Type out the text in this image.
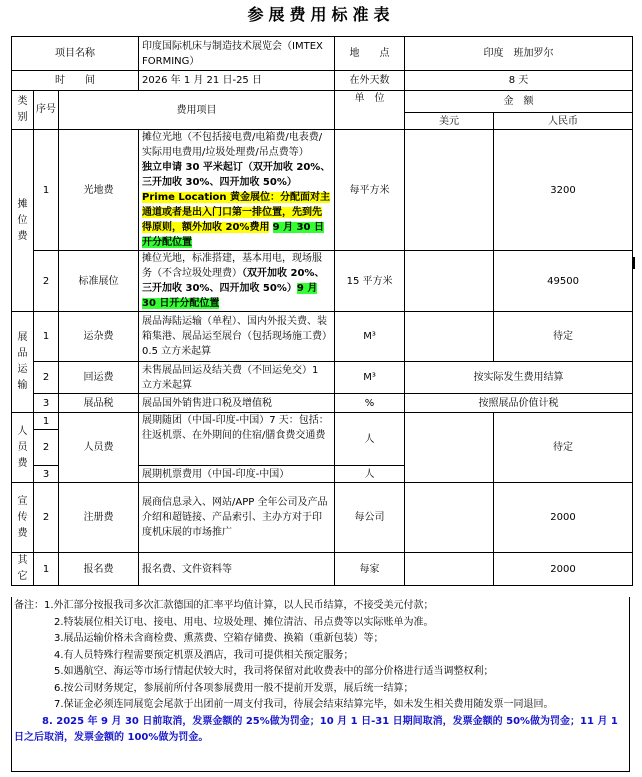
参展费用标准表
项目名称			印度国际机床与制造技术展览会（IMTEX FORMING）	地　　点	印度　班加罗尔	
时　　间			2026 年 1 月 21 日-25 日	在外天数	8 天	
类别	序号	费用项目		单　位	金　额	
					美元	人民币
摊位费	1	光地费	摊位光地（不包括接电费/电箱费/电表费/实际用电费用/垃圾处理费/吊点费等）
独立申请 30 平米起订（双开加收 20%、三开加收 30%、四开加收 50%）
Prime Location 黄金展位：分配面对主通道或者是出入门口第一排位置，先到先得原则，额外加收 20%费用 9 月 30 日开分配位置	每平方米		3200
	2	标准展位	摊位光地，标准搭建，基本用电，现场服务（不含垃圾处理费）（双开加收 20%、三开加收 30%、四开加收 50%）9 月 30 日开分配位置	15 平方米		49500
展品运输	1	运杂费	展品海陆运输（单程）、国内外报关费、装箱集港、展品运至展台（包括现场施工费）0.5 立方米起算	M³		待定
	2	回运费	未售展品回运及结关费（不回运免交）1 立方米起算	M³	按实际发生费用结算	
	3	展品税	展品国外销售进口税及增值税	%	按照展品价值计税	
人员费	1	人员费	展期随团（中国-印度-中国）7 天：包括：往返机票、在外期间的住宿/膳食费交通费	人		待定
	2					
	3		展期机票费用（中国-印度-中国）	人		
宣传费	2	注册费	展商信息录入、网站/APP 全年公司及产品介绍和超链接、产品索引、主办方对于印度机床展的市场推广	每公司		2000
其它	1	报名费	报名费、文件资料等	每家		2000
备注：1.外汇部分按报我司多次汇款德国的汇率平均值计算，以人民币结算，不接受美元付款；
2.特装展位相关订电、接电、用电、垃圾处理、摊位清洁、吊点费等以实际账单为准。
3.展品运输价格未含商检费、熏蒸费、空箱存储费、换箱（重新包装）等；
4.有人员特殊行程需要预定机票及酒店，我司可提供相关预定服务；
5.如遇航空、海运等市场行情起伏较大时，我司将保留对此收费表中的部分价格进行适当调整权利；
6.按公司财务规定，参展前所付各项参展费用一般不提前开发票，展后统一结算；
7.保证金必须连同展览会尾款于出团前一周支付我司，待展会结束结算完毕，如未发生相关费用随发票一同退回。
8. 2025 年 9 月 30 日前取消，发票金额的 25%做为罚金；10 月 1 日-31 日期间取消，发票金额的 50%做为罚金；11 月 1 日之后取消，发票金额的 100%做为罚金。
